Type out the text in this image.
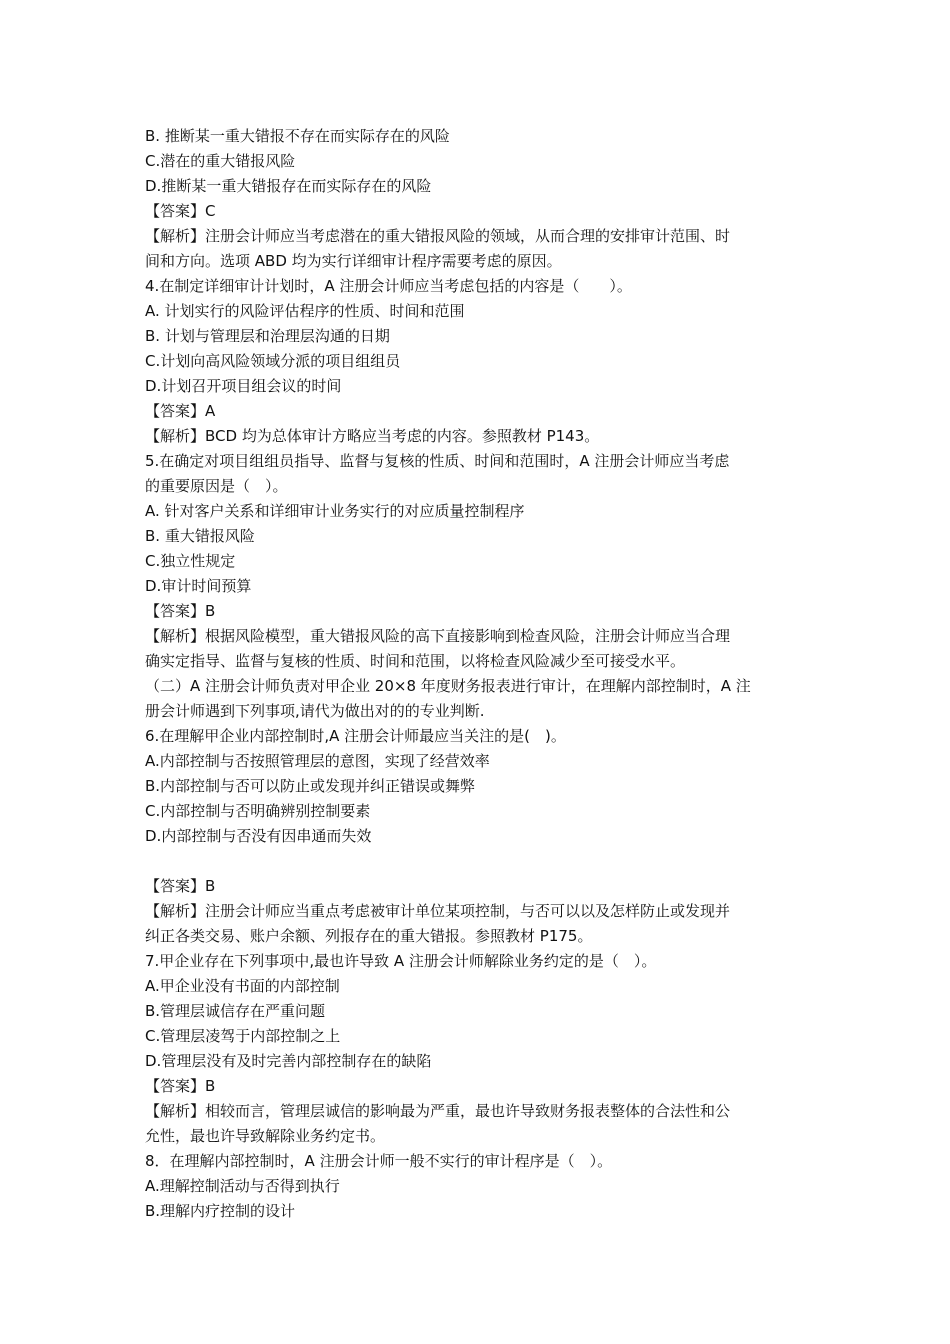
B. 推断某一重大错报不存在而实际存在的风险
C.潜在的重大错报风险
D.推断某一重大错报存在而实际存在的风险
【答案】C
【解析】注册会计师应当考虑潜在的重大错报风险的领域，从而合理的安排审计范围、时
间和方向。选项 ABD 均为实行详细审计程序需要考虑的原因。
4.在制定详细审计计划时，A 注册会计师应当考虑包括的内容是（　　）。
A. 计划实行的风险评估程序的性质、时间和范围
B. 计划与管理层和治理层沟通的日期
C.计划向高风险领域分派的项目组组员
D.计划召开项目组会议的时间
【答案】A
【解析】BCD 均为总体审计方略应当考虑的内容。参照教材 P143。
5.在确定对项目组组员指导、监督与复核的性质、时间和范围时，A 注册会计师应当考虑
的重要原因是（　）。
A. 针对客户关系和详细审计业务实行的对应质量控制程序
B. 重大错报风险
C.独立性规定
D.审计时间预算
【答案】B
【解析】根据风险模型，重大错报风险的高下直接影响到检查风险，注册会计师应当合理
确实定指导、监督与复核的性质、时间和范围，以将检查风险减少至可接受水平。
（二）A 注册会计师负责对甲企业 20×8 年度财务报表进行审计，在理解内部控制时，A 注
册会计师遇到下列事项,请代为做出对的的专业判断.
6.在理解甲企业内部控制时,A 注册会计师最应当关注的是(　)。
A.内部控制与否按照管理层的意图，实现了经营效率
B.内部控制与否可以防止或发现并纠正错误或舞弊
C.内部控制与否明确辨别控制要素
D.内部控制与否没有因串通而失效
【答案】B
【解析】注册会计师应当重点考虑被审计单位某项控制，与否可以以及怎样防止或发现并
纠正各类交易、账户余额、列报存在的重大错报。参照教材 P175。
7.甲企业存在下列事项中,最也许导致 A 注册会计师解除业务约定的是（　）。
A.甲企业没有书面的内部控制
B.管理层诚信存在严重问题
C.管理层凌驾于内部控制之上
D.管理层没有及时完善内部控制存在的缺陷
【答案】B
【解析】相较而言，管理层诚信的影响最为严重，最也许导致财务报表整体的合法性和公
允性，最也许导致解除业务约定书。
8．在理解内部控制时，A 注册会计师一般不实行的审计程序是（　）。
A.理解控制活动与否得到执行
B.理解内疗控制的设计
